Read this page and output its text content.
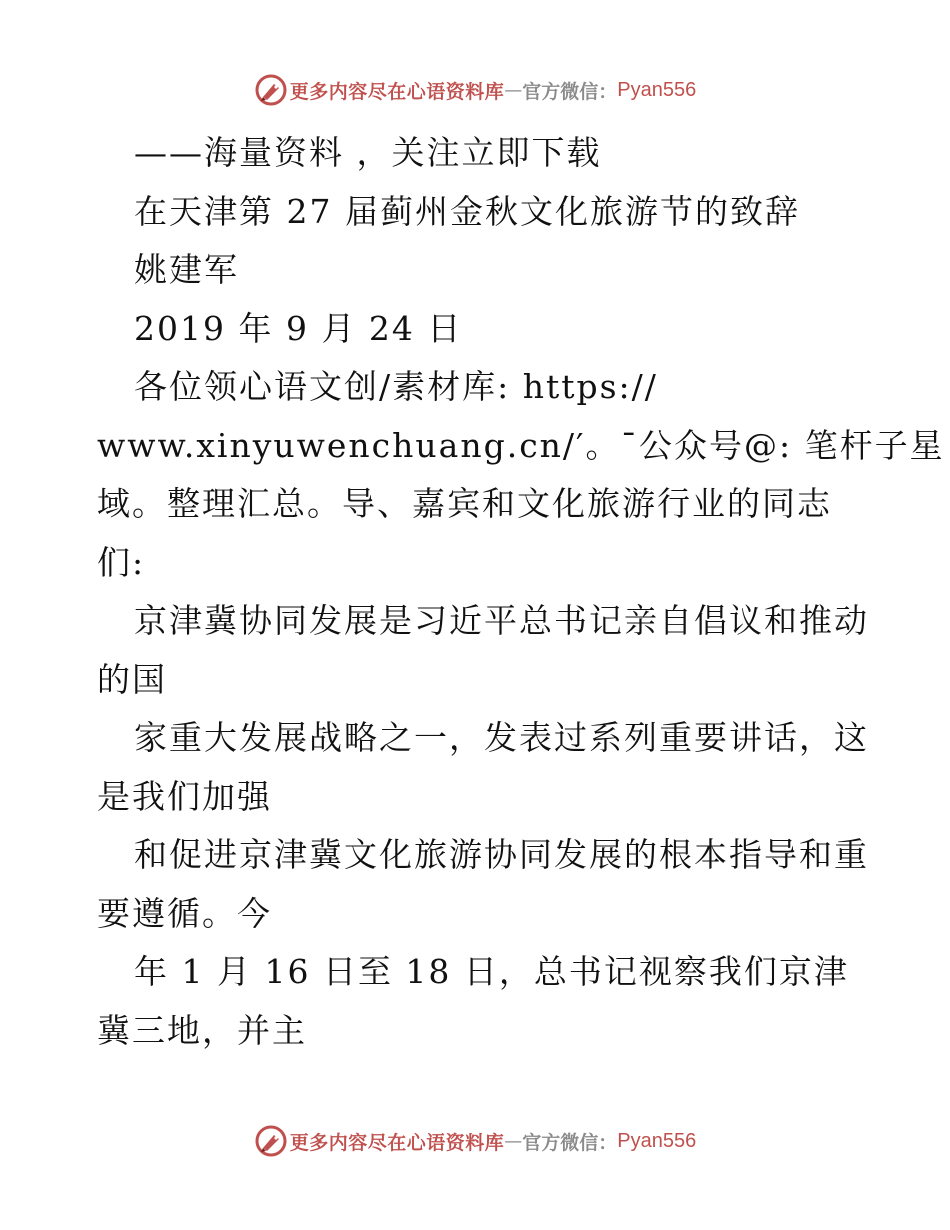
更多内容尽在心语资料库 — 官方微信： Pyan556

——海量资料 ，关注立即下载

在天津第 27 届蓟州金秋文化旅游节的致辞

姚建军

2019 年 9 月 24 日

各位领心语文创/素材库: https://

www.xinyuwenchuang.cn/′。¯公众号@: 笔杆子星

域。整理汇总。导、嘉宾和文化旅游行业的同志

们:

京津冀协同发展是习近平总书记亲自倡议和推动

的国

家重大发展战略之一，发表过系列重要讲话，这

是我们加强

和促进京津冀文化旅游协同发展的根本指导和重

要遵循。今

年 1 月 16 日至 18 日，总书记视察我们京津

冀三地，并主

更多内容尽在心语资料库 — 官方微信： Pyan556
